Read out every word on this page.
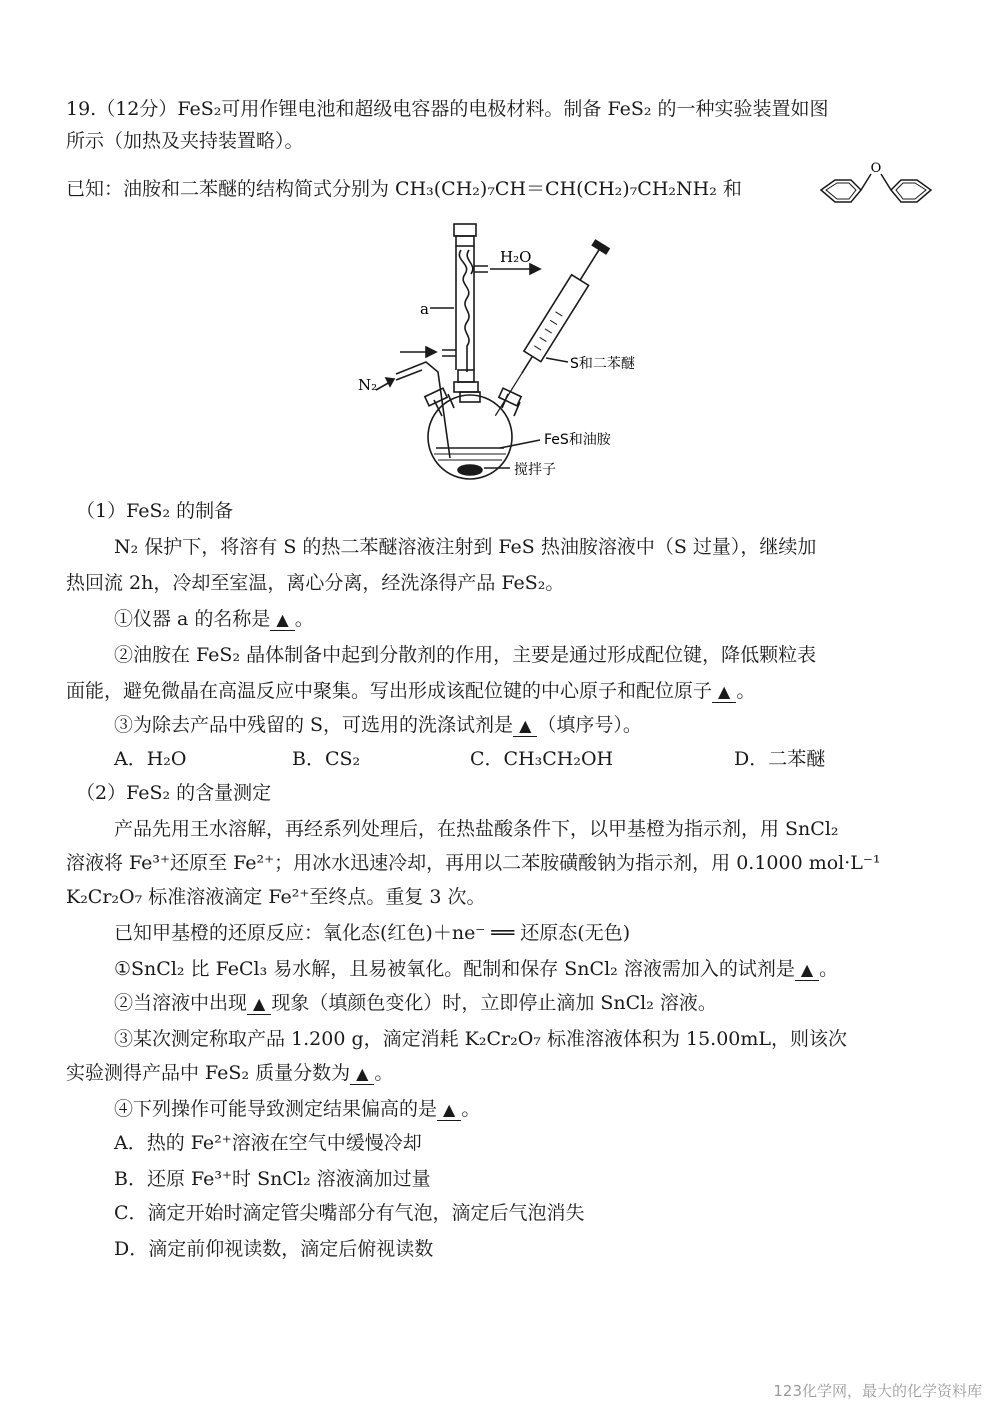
19.（12分）FeS₂可用作锂电池和超级电容器的电极材料。制备 FeS₂ 的一种实验装置如图
所示（加热及夹持装置略）。
已知：油胺和二苯醚的结构简式分别为 CH₃(CH₂)₇CH＝CH(CH₂)₇CH₂NH₂ 和
O
H₂O
a
N₂
S和二苯醚
FeS和油胺
搅拌子
（1）FeS₂ 的制备
N₂ 保护下，将溶有 S 的热二苯醚溶液注射到 FeS 热油胺溶液中（S 过量），继续加
热回流 2h，冷却至室温，离心分离，经洗涤得产品 FeS₂。
①仪器 a 的名称是 ▲ 。
②油胺在 FeS₂ 晶体制备中起到分散剂的作用，主要是通过形成配位键，降低颗粒表
面能，避免微晶在高温反应中聚集。写出形成该配位键的中心原子和配位原子 ▲ 。
③为除去产品中残留的 S，可选用的洗涤试剂是 ▲ （填序号）。
A．H₂O	B．CS₂	C．CH₃CH₂OH	D．二苯醚
（2）FeS₂ 的含量测定
产品先用王水溶解，再经系列处理后，在热盐酸条件下，以甲基橙为指示剂，用 SnCl₂
溶液将 Fe³⁺还原至 Fe²⁺；用冰水迅速冷却，再用以二苯胺磺酸钠为指示剂，用 0.1000 mol·L⁻¹
K₂Cr₂O₇ 标准溶液滴定 Fe²⁺至终点。重复 3 次。
已知甲基橙的还原反应：氧化态(红色)＋ne⁻ ══ 还原态(无色)
①SnCl₂ 比 FeCl₃ 易水解，且易被氧化。配制和保存 SnCl₂ 溶液需加入的试剂是 ▲ 。
②当溶液中出现 ▲ 现象（填颜色变化）时，立即停止滴加 SnCl₂ 溶液。
③某次测定称取产品 1.200 g，滴定消耗 K₂Cr₂O₇ 标准溶液体积为 15.00mL，则该次
实验测得产品中 FeS₂ 质量分数为 ▲ 。
④下列操作可能导致测定结果偏高的是 ▲ 。
A．热的 Fe²⁺溶液在空气中缓慢冷却
B．还原 Fe³⁺时 SnCl₂ 溶液滴加过量
C．滴定开始时滴定管尖嘴部分有气泡，滴定后气泡消失
D．滴定前仰视读数，滴定后俯视读数
123化学网，最大的化学资料库
